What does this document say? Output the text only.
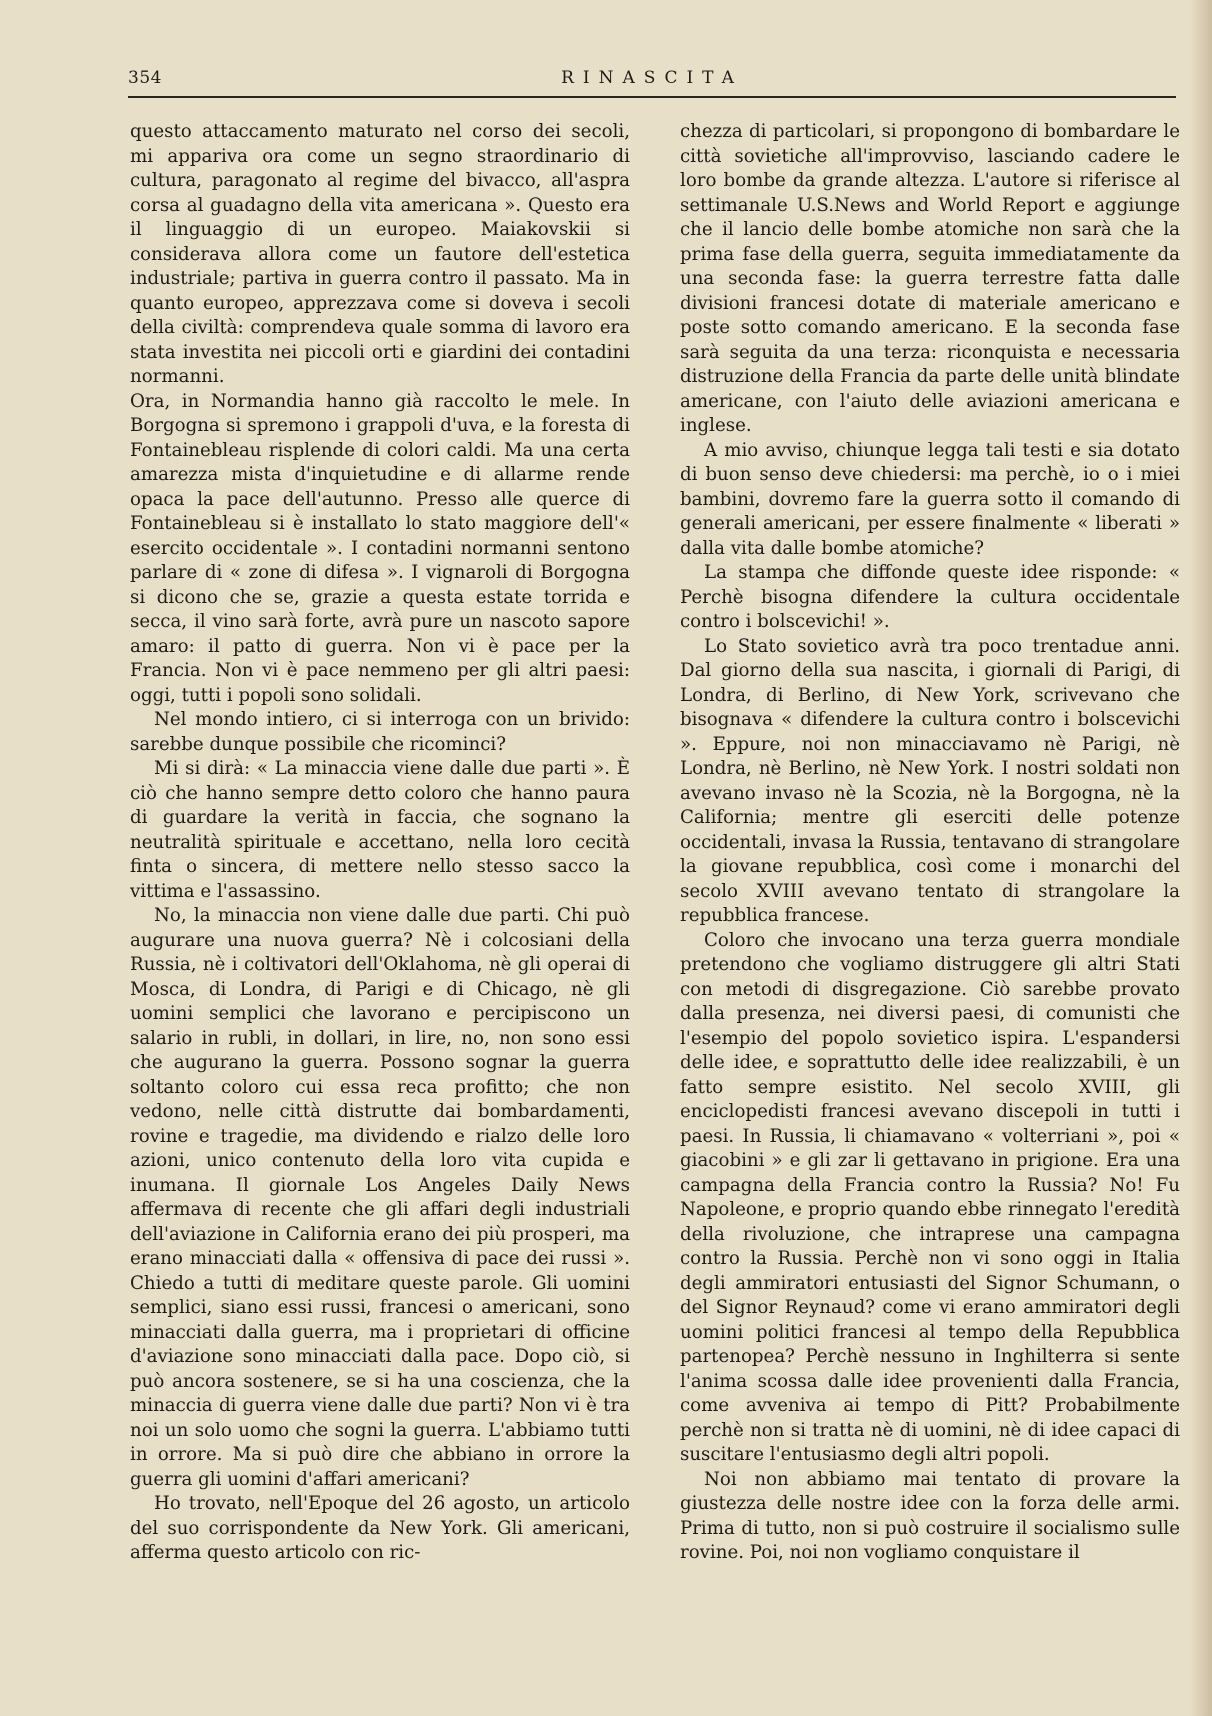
354	RINASCITA

questo attaccamento maturato nel corso dei secoli, mi appariva ora come un segno straordinario di cultura, paragonato al regime del bivacco, all'aspra corsa al guadagno della vita americana ». Questo era il linguaggio di un europeo. Maiakovskii si considerava allora come un fautore dell'estetica industriale; partiva in guerra contro il passato. Ma in quanto europeo, apprezzava come si doveva i secoli della civiltà: comprendeva quale somma di lavoro era stata investita nei piccoli orti e giardini dei contadini normanni.

Ora, in Normandia hanno già raccolto le mele. In Borgogna si spremono i grappoli d'uva, e la foresta di Fontainebleau risplende di colori caldi. Ma una certa amarezza mista d'inquietudine e di allarme rende opaca la pace dell'autunno. Presso alle querce di Fontainebleau si è installato lo stato maggiore dell'« esercito occidentale ». I contadini normanni sentono parlare di « zone di difesa ». I vignaroli di Borgogna si dicono che se, grazie a questa estate torrida e secca, il vino sarà forte, avrà pure un nascoto sapore amaro: il patto di guerra. Non vi è pace per la Francia. Non vi è pace nemmeno per gli altri paesi: oggi, tutti i popoli sono solidali.

Nel mondo intiero, ci si interroga con un brivido: sarebbe dunque possibile che ricominci?

Mi si dirà: « La minaccia viene dalle due parti ». È ciò che hanno sempre detto coloro che hanno paura di guardare la verità in faccia, che sognano la neutralità spirituale e accettano, nella loro cecità finta o sincera, di mettere nello stesso sacco la vittima e l'assassino.

No, la minaccia non viene dalle due parti. Chi può augurare una nuova guerra? Nè i colcosiani della Russia, nè i coltivatori dell'Oklahoma, nè gli operai di Mosca, di Londra, di Parigi e di Chicago, nè gli uomini semplici che lavorano e percipiscono un salario in rubli, in dollari, in lire, no, non sono essi che augurano la guerra. Possono sognar la guerra soltanto coloro cui essa reca profitto; che non vedono, nelle città distrutte dai bombardamenti, rovine e tragedie, ma dividendo e rialzo delle loro azioni, unico contenuto della loro vita cupida e inumana. Il giornale Los Angeles Daily News affermava di recente che gli affari degli industriali dell'aviazione in California erano dei più prosperi, ma erano minacciati dalla « offensiva di pace dei russi ». Chiedo a tutti di meditare queste parole. Gli uomini semplici, siano essi russi, francesi o americani, sono minacciati dalla guerra, ma i proprietari di officine d'aviazione sono minacciati dalla pace. Dopo ciò, si può ancora sostenere, se si ha una coscienza, che la minaccia di guerra viene dalle due parti? Non vi è tra noi un solo uomo che sogni la guerra. L'abbiamo tutti in orrore. Ma si può dire che abbiano in orrore la guerra gli uomini d'affari americani?

Ho trovato, nell'Epoque del 26 agosto, un articolo del suo corrispondente da New York. Gli americani, afferma questo articolo con ric-

chezza di particolari, si propongono di bombardare le città sovietiche all'improvviso, lasciando cadere le loro bombe da grande altezza. L'autore si riferisce al settimanale U.S.News and World Report e aggiunge che il lancio delle bombe atomiche non sarà che la prima fase della guerra, seguita immediatamente da una seconda fase: la guerra terrestre fatta dalle divisioni francesi dotate di materiale americano e poste sotto comando americano. E la seconda fase sarà seguita da una terza: riconquista e necessaria distruzione della Francia da parte delle unità blindate americane, con l'aiuto delle aviazioni americana e inglese.

A mio avviso, chiunque legga tali testi e sia dotato di buon senso deve chiedersi: ma perchè, io o i miei bambini, dovremo fare la guerra sotto il comando di generali americani, per essere finalmente « liberati » dalla vita dalle bombe atomiche?

La stampa che diffonde queste idee risponde: « Perchè bisogna difendere la cultura occidentale contro i bolscevichi! ».

Lo Stato sovietico avrà tra poco trentadue anni. Dal giorno della sua nascita, i giornali di Parigi, di Londra, di Berlino, di New York, scrivevano che bisognava « difendere la cultura contro i bolscevichi ». Eppure, noi non minacciavamo nè Parigi, nè Londra, nè Berlino, nè New York. I nostri soldati non avevano invaso nè la Scozia, nè la Borgogna, nè la California; mentre gli eserciti delle potenze occidentali, invasa la Russia, tentavano di strangolare la giovane repubblica, così come i monarchi del secolo XVIII avevano tentato di strangolare la repubblica francese.

Coloro che invocano una terza guerra mondiale pretendono che vogliamo distruggere gli altri Stati con metodi di disgregazione. Ciò sarebbe provato dalla presenza, nei diversi paesi, di comunisti che l'esempio del popolo sovietico ispira. L'espandersi delle idee, e soprattutto delle idee realizzabili, è un fatto sempre esistito. Nel secolo XVIII, gli enciclopedisti francesi avevano discepoli in tutti i paesi. In Russia, li chiamavano « volterriani », poi « giacobini » e gli zar li gettavano in prigione. Era una campagna della Francia contro la Russia? No! Fu Napoleone, e proprio quando ebbe rinnegato l'eredità della rivoluzione, che intraprese una campagna contro la Russia. Perchè non vi sono oggi in Italia degli ammiratori entusiasti del Signor Schumann, o del Signor Reynaud? come vi erano ammiratori degli uomini politici francesi al tempo della Repubblica partenopea? Perchè nessuno in Inghilterra si sente l'anima scossa dalle idee provenienti dalla Francia, come avveniva ai tempo di Pitt? Probabilmente perchè non si tratta nè di uomini, nè di idee capaci di suscitare l'entusiasmo degli altri popoli.

Noi non abbiamo mai tentato di provare la giustezza delle nostre idee con la forza delle armi. Prima di tutto, non si può costruire il socialismo sulle rovine. Poi, noi non vogliamo conquistare il
